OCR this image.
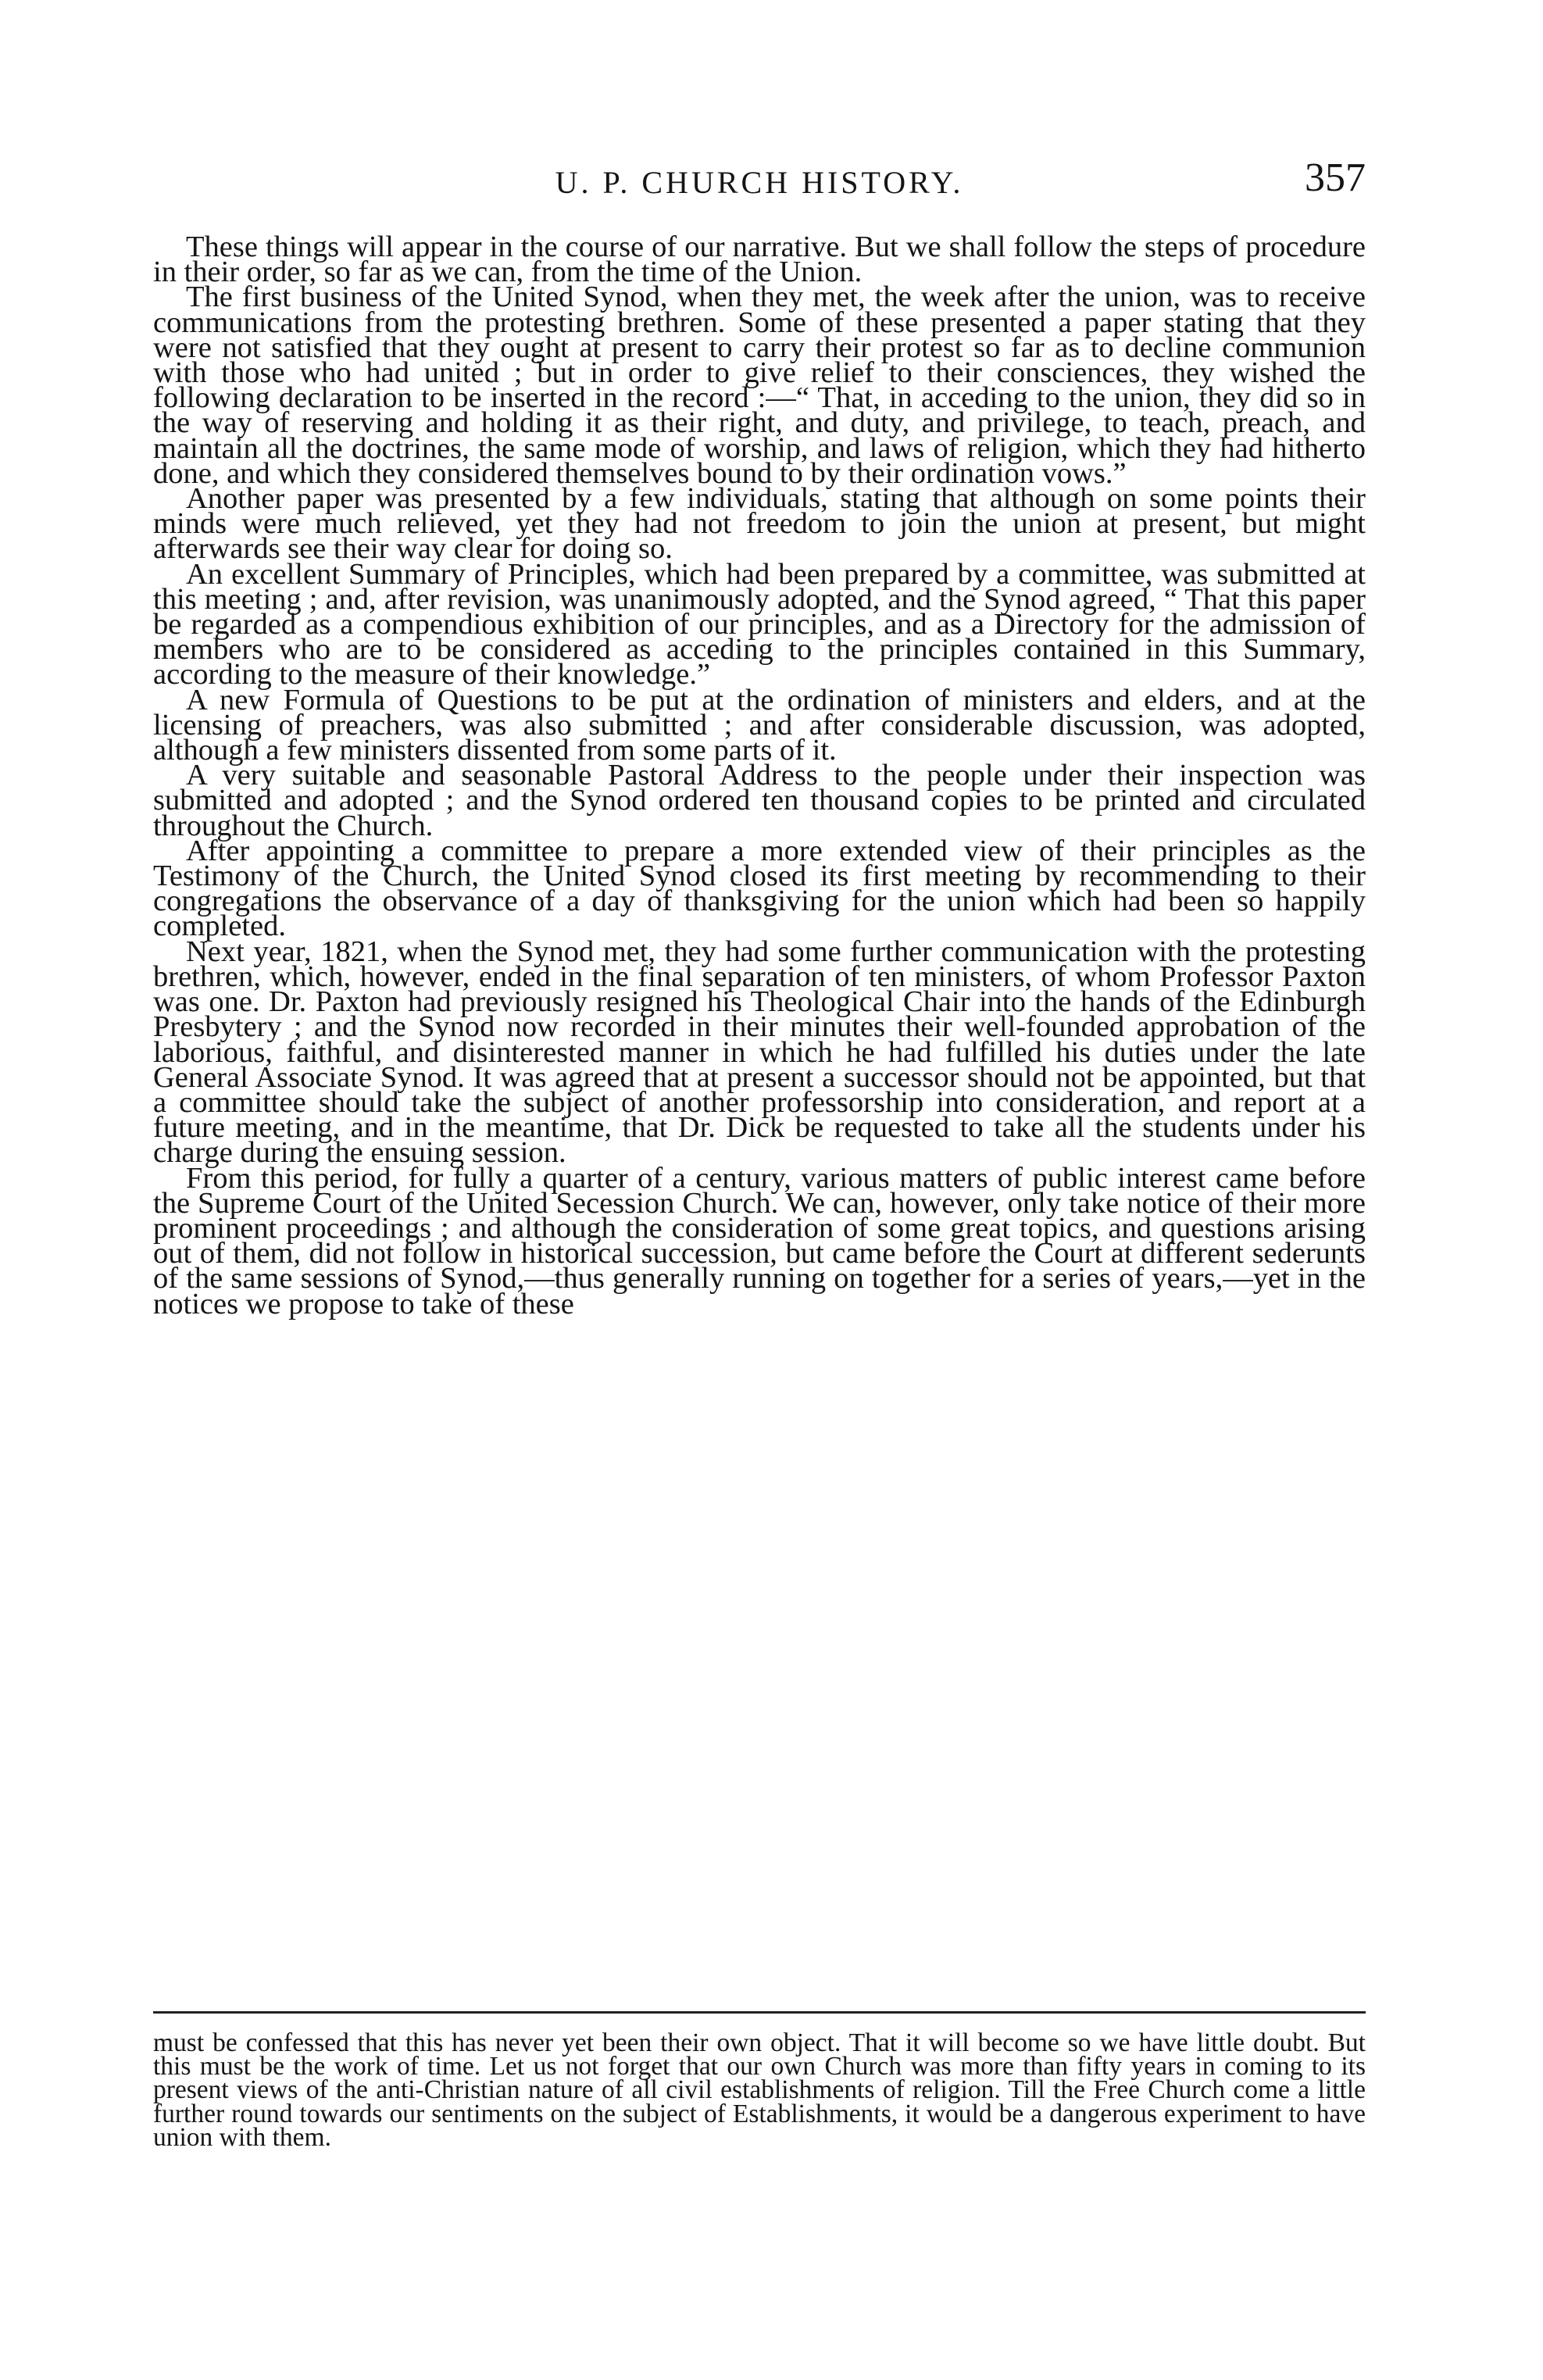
U. P. CHURCH HISTORY.	357

These things will appear in the course of our narrative. But we shall follow the steps of procedure in their order, so far as we can, from the time of the Union.

The first business of the United Synod, when they met, the week after the union, was to receive communications from the protesting brethren. Some of these presented a paper stating that they were not satisfied that they ought at present to carry their protest so far as to decline communion with those who had united ; but in order to give relief to their consciences, they wished the following declaration to be inserted in the record :—“ That, in acceding to the union, they did so in the way of reserving and holding it as their right, and duty, and privilege, to teach, preach, and maintain all the doctrines, the same mode of worship, and laws of religion, which they had hitherto done, and which they considered themselves bound to by their ordination vows.”

Another paper was presented by a few individuals, stating that although on some points their minds were much relieved, yet they had not freedom to join the union at present, but might afterwards see their way clear for doing so.

An excellent Summary of Principles, which had been prepared by a committee, was submitted at this meeting ; and, after revision, was unanimously adopted, and the Synod agreed, “ That this paper be regarded as a compendious exhibition of our principles, and as a Directory for the admission of members who are to be considered as acceding to the principles contained in this Summary, according to the measure of their knowledge.”

A new Formula of Questions to be put at the ordination of ministers and elders, and at the licensing of preachers, was also submitted ; and after considerable discussion, was adopted, although a few ministers dissented from some parts of it.

A very suitable and seasonable Pastoral Address to the people under their inspection was submitted and adopted ; and the Synod ordered ten thousand copies to be printed and circulated throughout the Church.

After appointing a committee to prepare a more extended view of their principles as the Testimony of the Church, the United Synod closed its first meeting by recommending to their congregations the observance of a day of thanksgiving for the union which had been so happily completed.

Next year, 1821, when the Synod met, they had some further communication with the protesting brethren, which, however, ended in the final separation of ten ministers, of whom Professor Paxton was one. Dr. Paxton had previously resigned his Theological Chair into the hands of the Edinburgh Presbytery ; and the Synod now recorded in their minutes their well-founded approbation of the laborious, faithful, and disinterested manner in which he had fulfilled his duties under the late General Associate Synod. It was agreed that at present a successor should not be appointed, but that a committee should take the subject of another professorship into consideration, and report at a future meeting, and in the meantime, that Dr. Dick be requested to take all the students under his charge during the ensuing session.

From this period, for fully a quarter of a century, various matters of public interest came before the Supreme Court of the United Secession Church. We can, however, only take notice of their more prominent proceedings ; and although the consideration of some great topics, and questions arising out of them, did not follow in historical succession, but came before the Court at different sederunts of the same sessions of Synod,—thus generally running on together for a series of years,—yet in the notices we propose to take of these

must be confessed that this has never yet been their own object. That it will become so we have little doubt. But this must be the work of time. Let us not forget that our own Church was more than fifty years in coming to its present views of the anti-Christian nature of all civil establishments of religion. Till the Free Church come a little further round towards our sentiments on the subject of Establishments, it would be a dangerous experiment to have union with them.
